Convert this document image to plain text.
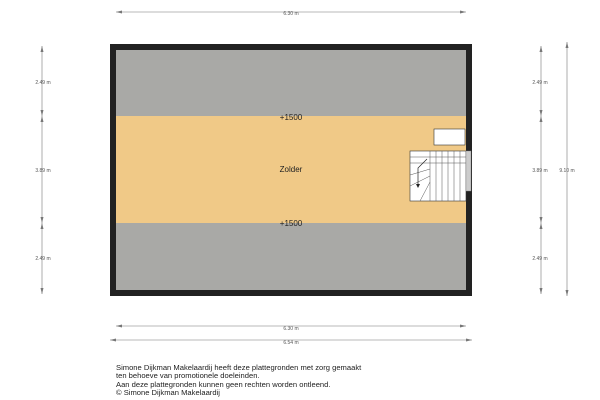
6.30 m
2.49 m
3.89 m
2.49 m
2.49 m
3.89 m
2.49 m
9.10 m
6.30 m
6.54 m
+1500
Zolder
+1500
Simone Dijkman Makelaardij heeft deze plattegronden met zorg gemaakt
ten behoeve van promotionele doeleinden.
Aan deze plattegronden kunnen geen rechten worden ontleend.
© Simone Dijkman Makelaardij
